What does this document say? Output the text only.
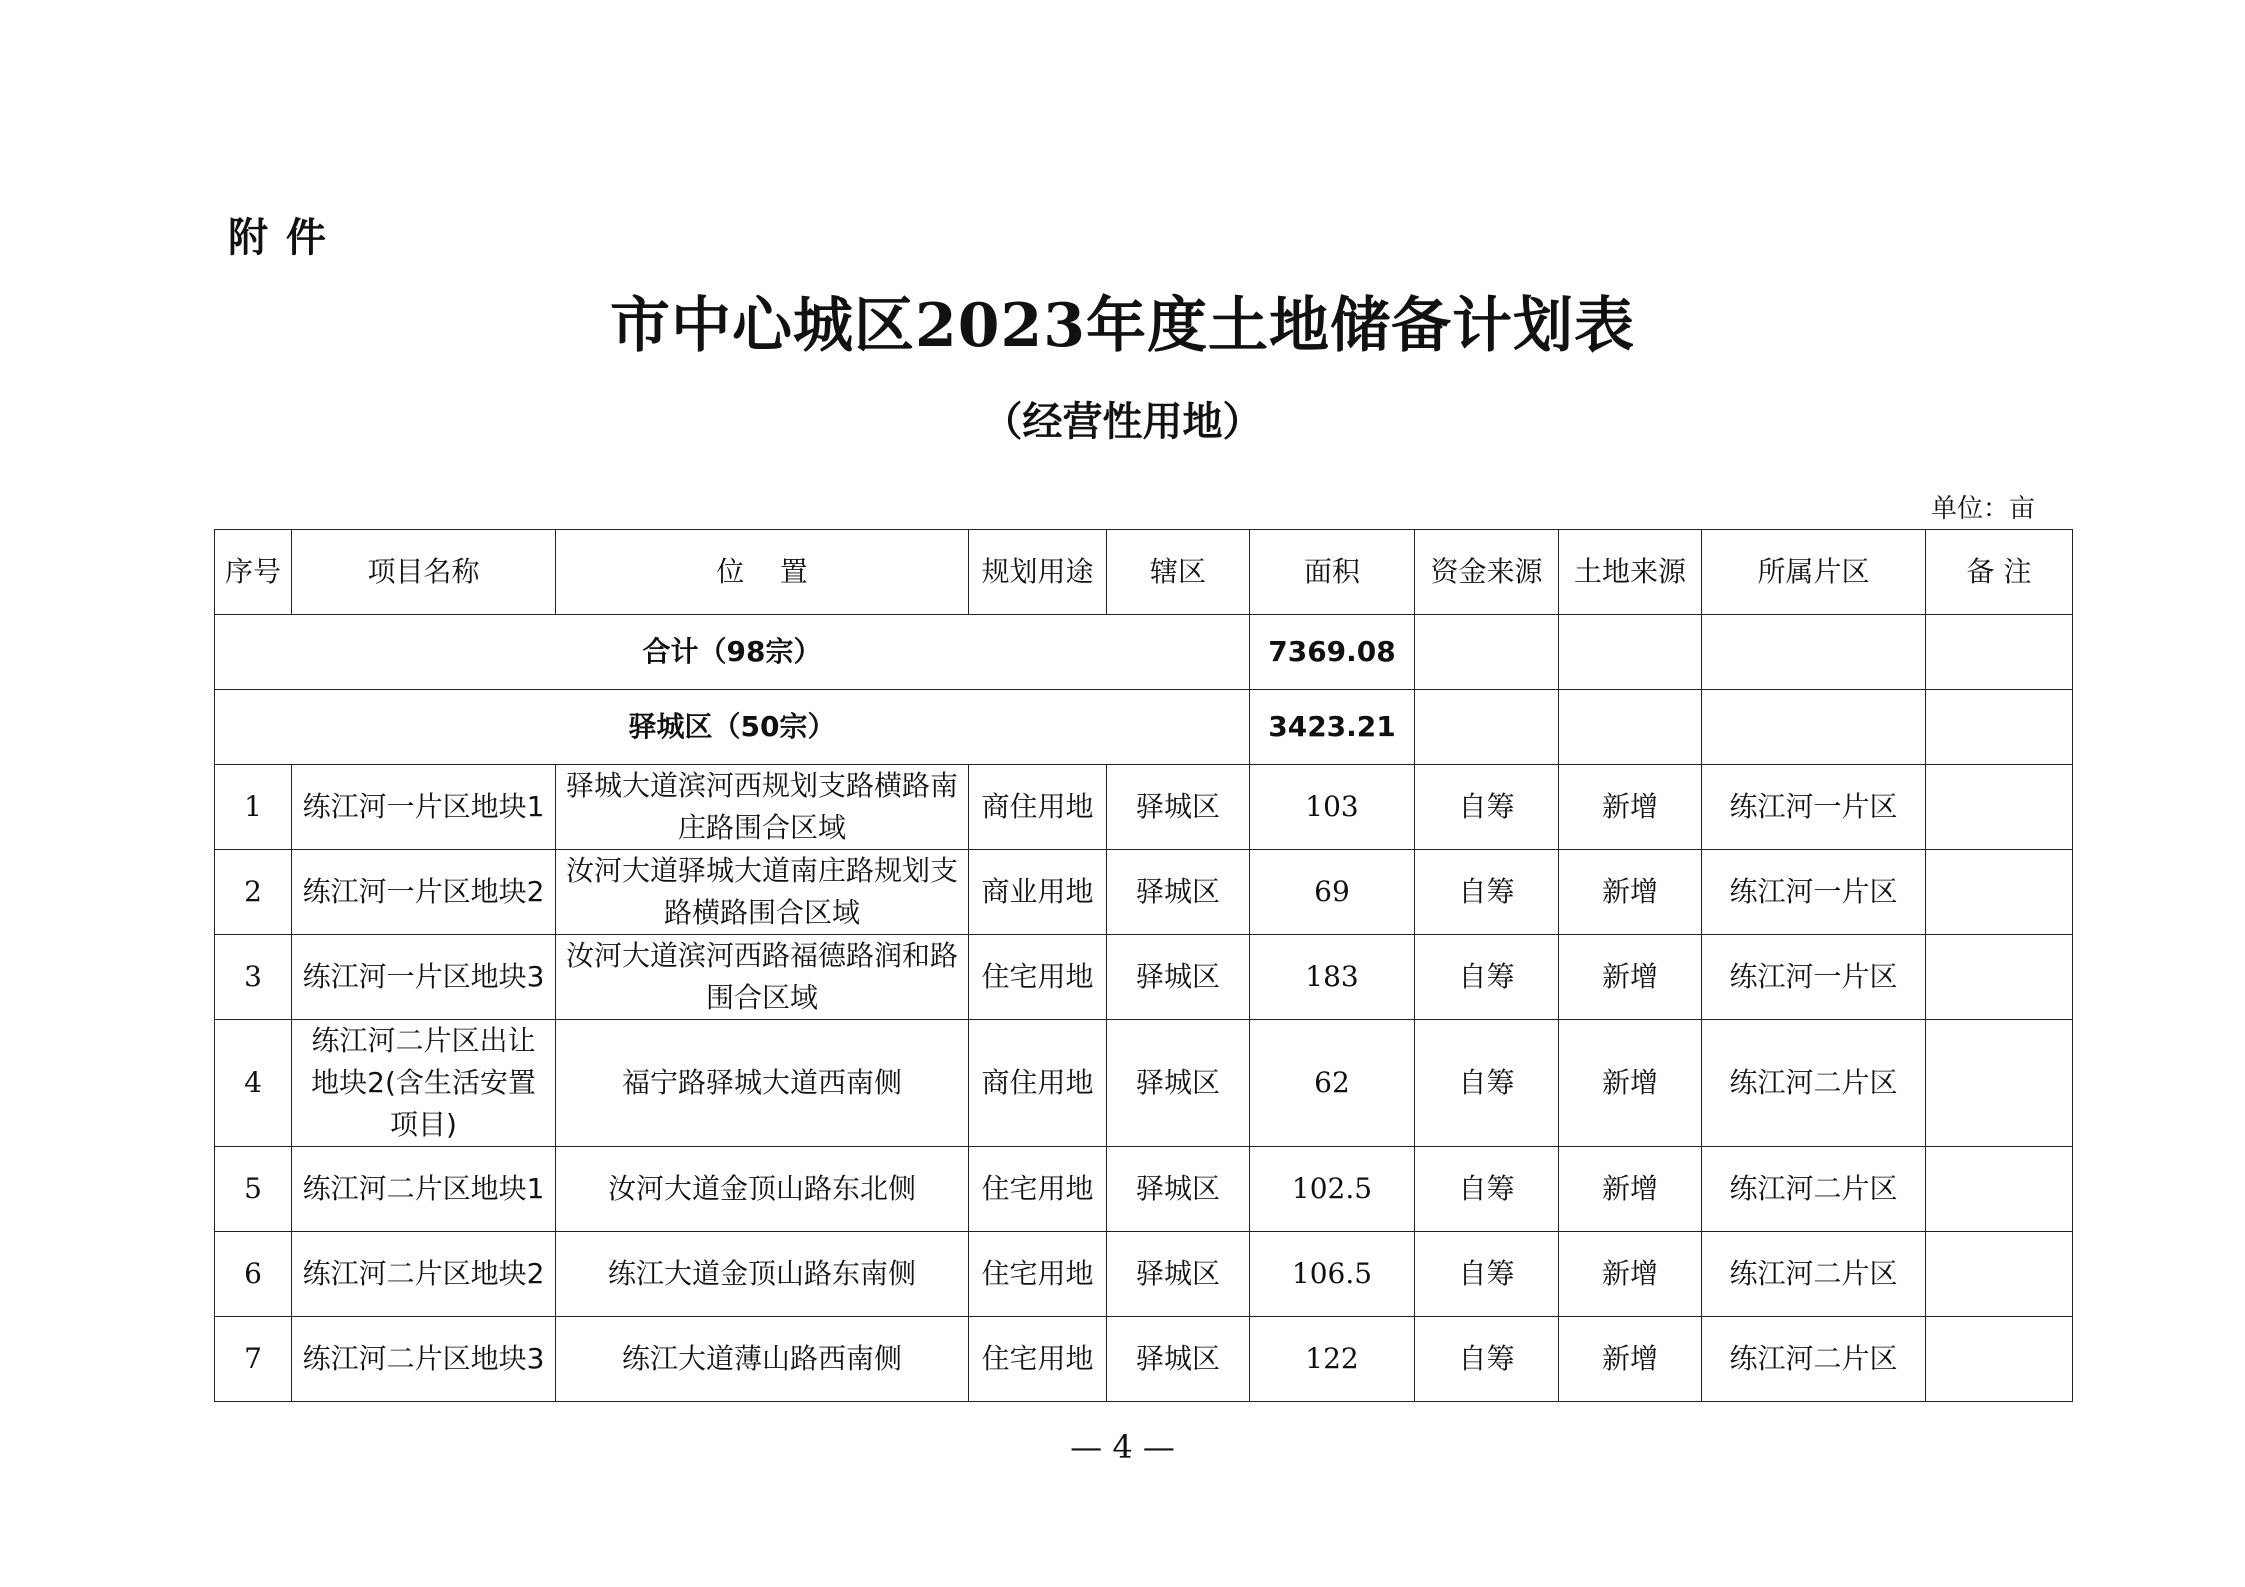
附 件
市中心城区2023年度土地储备计划表
（经营性用地）
单位：亩
序号	项目名称	位    置	规划用途	辖区	面积	资金来源	土地来源	所属片区	备 注
合计（98宗）					7369.08				
驿城区（50宗）					3423.21				
1	练江河一片区地块1	驿城大道滨河西规划支路横路南庄路围合区域	商住用地	驿城区	103	自筹	新增	练江河一片区	
2	练江河一片区地块2	汝河大道驿城大道南庄路规划支路横路围合区域	商业用地	驿城区	69	自筹	新增	练江河一片区	
3	练江河一片区地块3	汝河大道滨河西路福德路润和路围合区域	住宅用地	驿城区	183	自筹	新增	练江河一片区	
4	练江河二片区出让地块2(含生活安置项目)	福宁路驿城大道西南侧	商住用地	驿城区	62	自筹	新增	练江河二片区	
5	练江河二片区地块1	汝河大道金顶山路东北侧	住宅用地	驿城区	102.5	自筹	新增	练江河二片区	
6	练江河二片区地块2	练江大道金顶山路东南侧	住宅用地	驿城区	106.5	自筹	新增	练江河二片区	
7	练江河二片区地块3	练江大道薄山路西南侧	住宅用地	驿城区	122	自筹	新增	练江河二片区	
— 4 —
